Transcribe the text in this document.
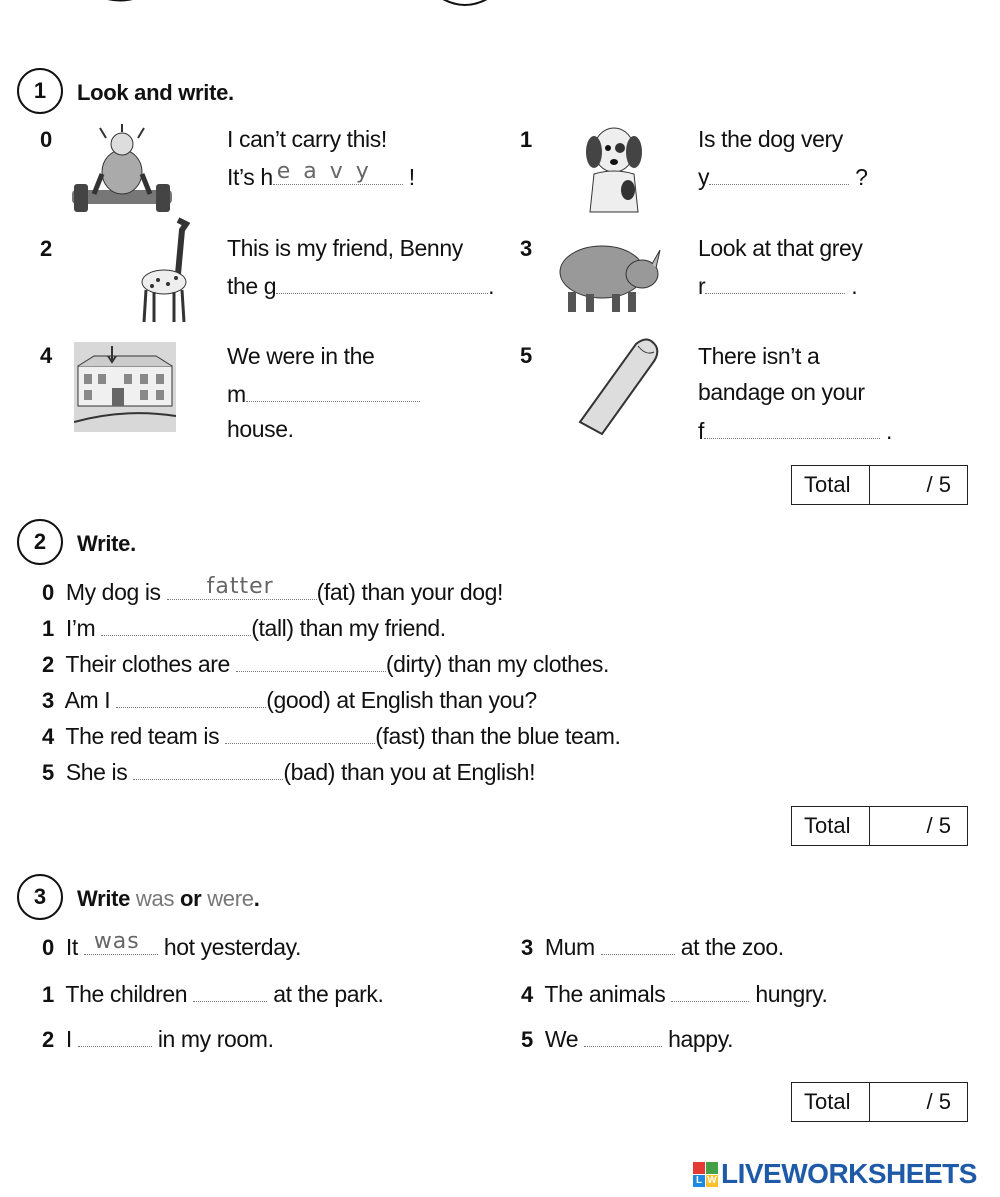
1	Look and write.
0	I can’t carry this!
It’s h e a v y !
1	Is the dog very
y	?
2	This is my friend, Benny
the g	.
3	Look at that grey
r	.
4	We were in the
m
house.
5	There isn’t a
bandage on your
f	.
Total	/ 5
2	Write.
0 My dog is fatter (fat) than your dog!
1 I’m	(tall) than my friend.
2 Their clothes are	(dirty) than my clothes.
3 Am I	(good) at English than you?
4 The red team is	(fast) than the blue team.
5 She is	(bad) than you at English!
Total	/ 5
3	Write was or were.
0 It was hot yesterday.
1 The children	at the park.
2 I	in my room.
3 Mum	at the zoo.
4 The animals	hungry.
5 We	happy.
Total	/ 5
L W LIVEWORKSHEETS
